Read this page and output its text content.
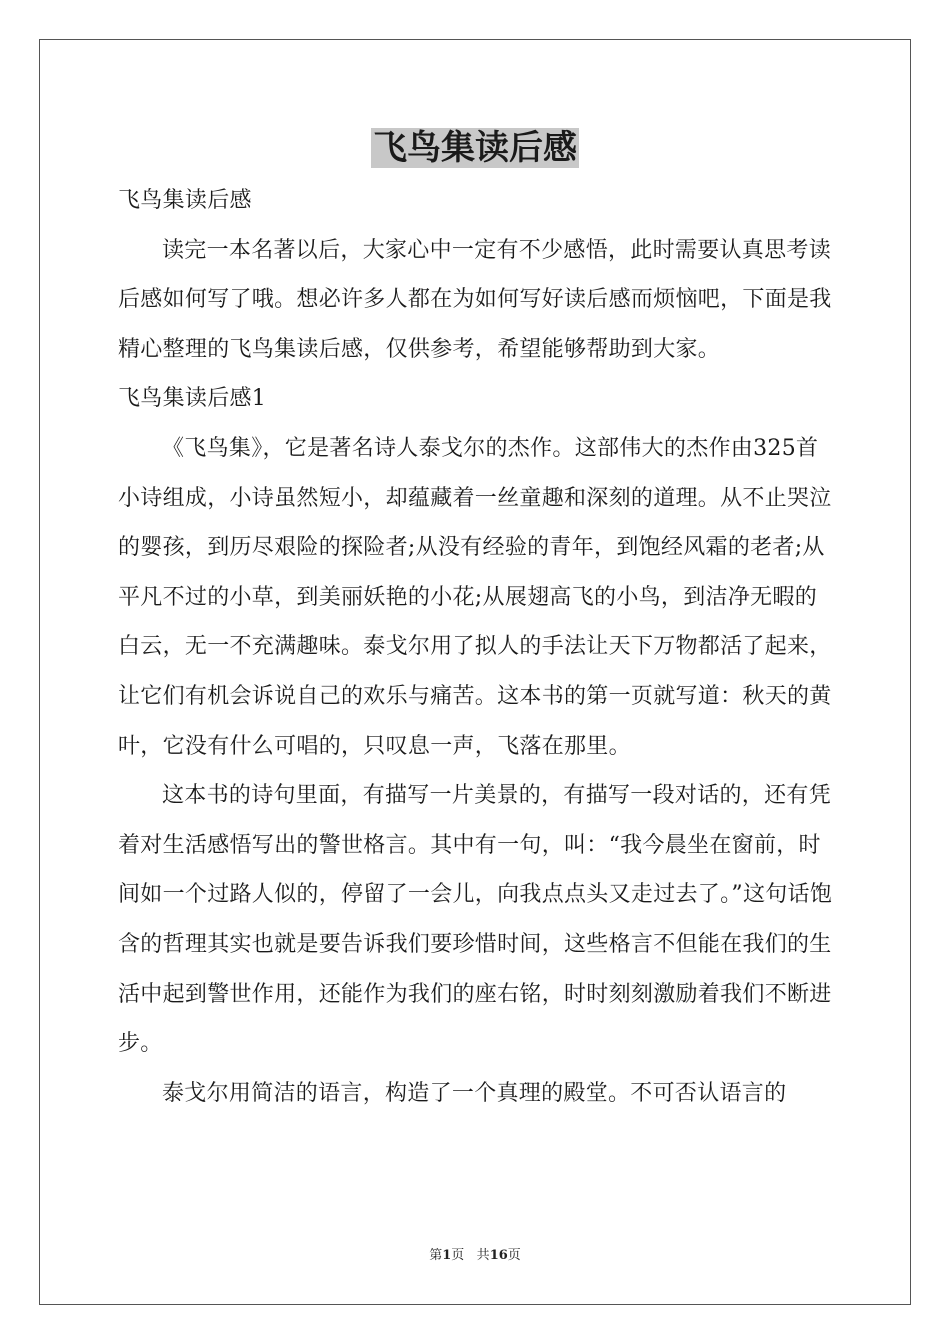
飞鸟集读后感

飞鸟集读后感

读完一本名著以后，大家心中一定有不少感悟，此时需要认真思考读后感如何写了哦。想必许多人都在为如何写好读后感而烦恼吧，下面是我精心整理的飞鸟集读后感，仅供参考，希望能够帮助到大家。

飞鸟集读后感1

《飞鸟集》，它是著名诗人泰戈尔的杰作。这部伟大的杰作由325首小诗组成，小诗虽然短小，却蕴藏着一丝童趣和深刻的道理。从不止哭泣的婴孩，到历尽艰险的探险者;从没有经验的青年，到饱经风霜的老者;从平凡不过的小草，到美丽妖艳的小花;从展翅高飞的小鸟，到洁净无暇的白云，无一不充满趣味。泰戈尔用了拟人的手法让天下万物都活了起来，让它们有机会诉说自己的欢乐与痛苦。这本书的第一页就写道：秋天的黄叶，它没有什么可唱的，只叹息一声，飞落在那里。

这本书的诗句里面，有描写一片美景的，有描写一段对话的，还有凭着对生活感悟写出的警世格言。其中有一句，叫：“我今晨坐在窗前，时间如一个过路人似的，停留了一会儿，向我点点头又走过去了。”这句话饱含的哲理其实也就是要告诉我们要珍惜时间，这些格言不但能在我们的生活中起到警世作用，还能作为我们的座右铭，时时刻刻激励着我们不断进步。

泰戈尔用简洁的语言，构造了一个真理的殿堂。不可否认语言的

第1页 共16页
